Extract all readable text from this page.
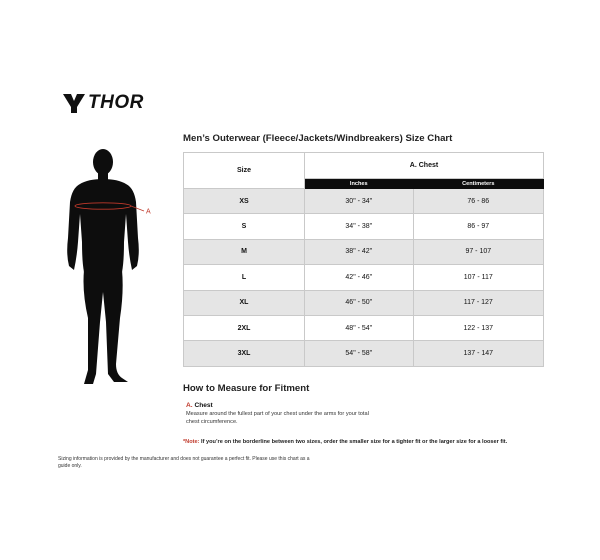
THOR
A
Men’s Outerwear (Fleece/Jackets/Windbreakers) Size Chart
Size	A. Chest	
	Inches	Centimeters
XS	30" - 34"	76 - 86
S	34" - 38"	86 - 97
M	38" - 42"	97 - 107
L	42" - 46"	107 - 117
XL	46" - 50"	117 - 127
2XL	48" - 54"	122 - 137
3XL	54" - 58"	137 - 147
How to Measure for Fitment
A. Chest
Measure around the fullest part of your chest under the arms for your total chest circumference.
*Note: If you’re on the borderline between two sizes, order the smaller size for a tighter fit or the larger size for a looser fit.
Sizing information is provided by the manufacturer and does not guarantee a perfect fit. Please use this chart as a guide only.
